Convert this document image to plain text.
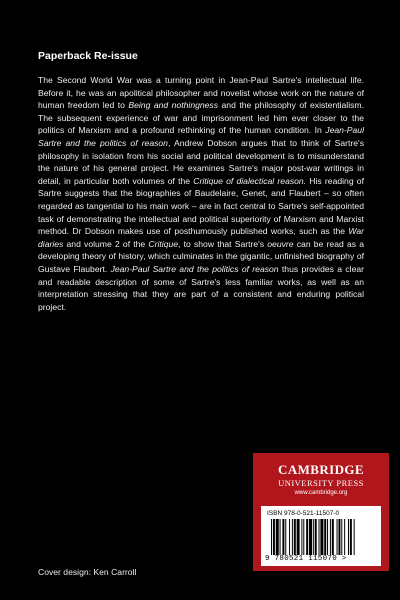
Paperback Re-issue

The Second World War was a turning point in Jean-Paul Sartre's intellectual life. Before it, he was an apolitical philosopher and novelist whose work on the nature of human freedom led to Being and nothingness and the philosophy of existentialism. The subsequent experience of war and imprisonment led him ever closer to the politics of Marxism and a profound rethinking of the human condition. In Jean-Paul Sartre and the politics of reason, Andrew Dobson argues that to think of Sartre's philosophy in isolation from his social and political development is to misunderstand the nature of his general project. He examines Sartre's major post-war writings in detail, in particular both volumes of the Critique of dialectical reason. His reading of Sartre suggests that the biographies of Baudelaire, Genet, and Flaubert – so often regarded as tangential to his main work – are in fact central to Sartre's self-appointed task of demonstrating the intellectual and political superiority of Marxism and Marxist method. Dr Dobson makes use of posthumously published works, such as the War diaries and volume 2 of the Critique, to show that Sartre's oeuvre can be read as a developing theory of history, which culminates in the gigantic, unfinished biography of Gustave Flaubert. Jean-Paul Sartre and the politics of reason thus provides a clear and readable description of some of Sartre's less familiar works, as well as an interpretation stressing that they are part of a consistent and enduring political project.

CAMBRIDGE
UNIVERSITY PRESS
www.cambridge.org
ISBN 978-0-521-11507-0
9 780521 115070 >
Cover design: Ken Carroll
